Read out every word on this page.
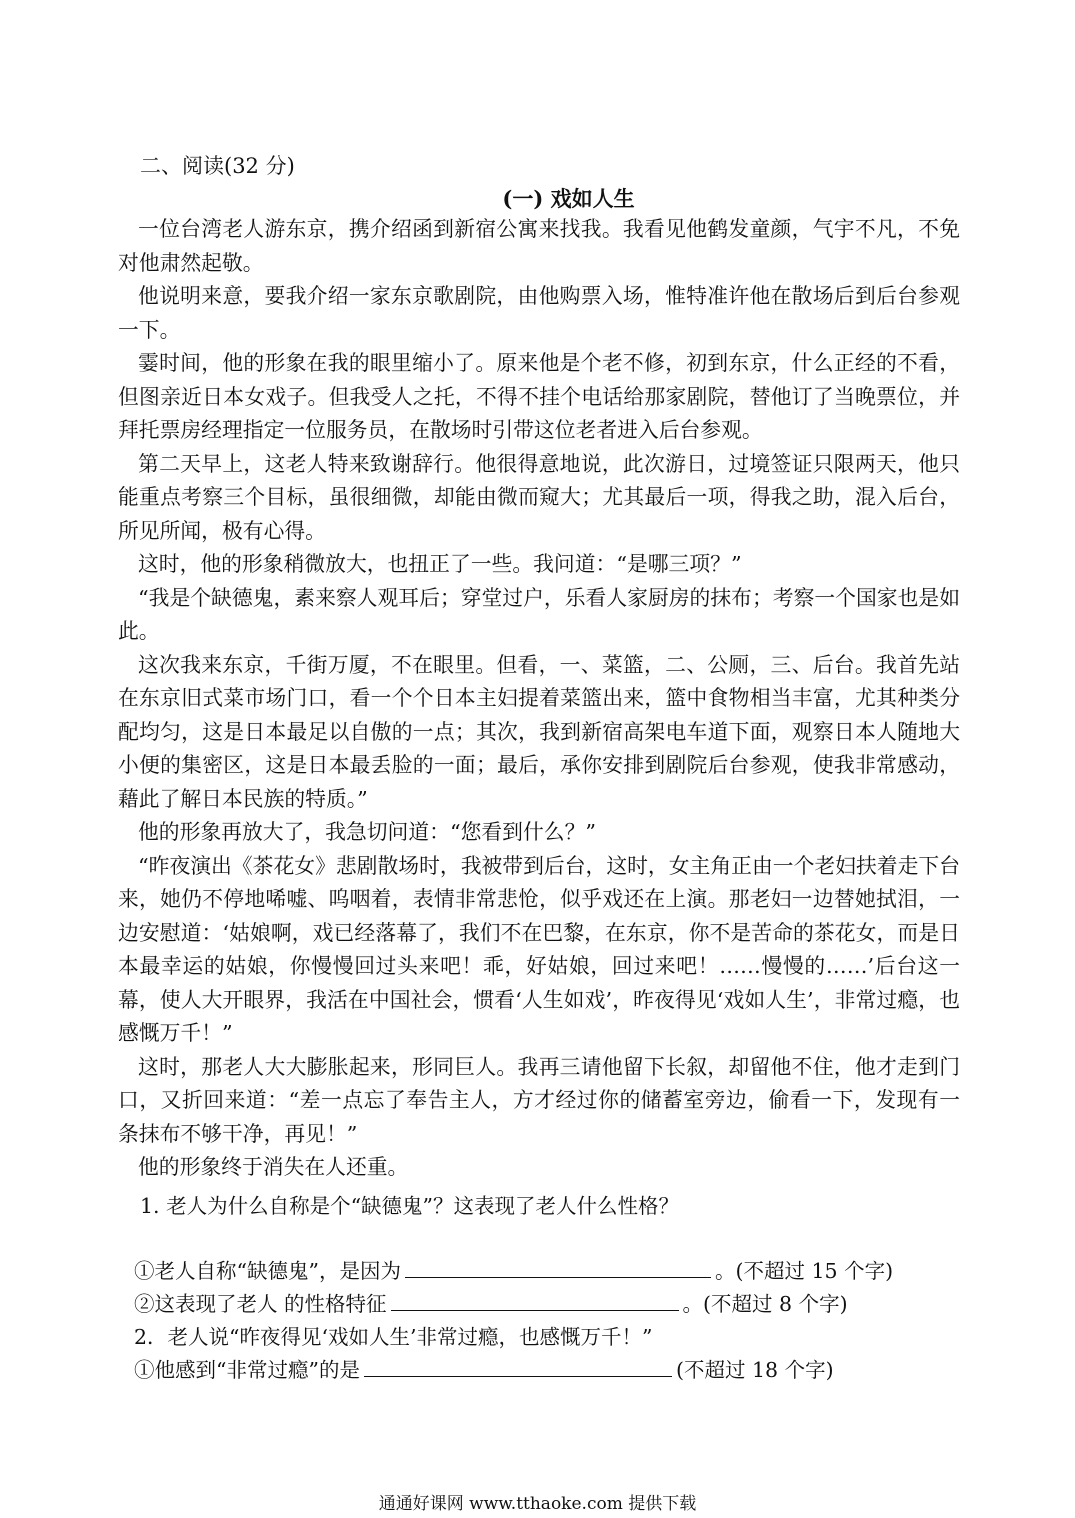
二、阅读(32 分)
(一) 戏如人生

一位台湾老人游东京，携介绍函到新宿公寓来找我。我看见他鹤发童颜，气宇不凡，不免对他肃然起敬。

他说明来意，要我介绍一家东京歌剧院，由他购票入场，惟特准许他在散场后到后台参观一下。

霎时间，他的形象在我的眼里缩小了。原来他是个老不修，初到东京，什么正经的不看，但图亲近日本女戏子。但我受人之托，不得不挂个电话给那家剧院，替他订了当晚票位，并拜托票房经理指定一位服务员，在散场时引带这位老者进入后台参观。

第二天早上，这老人特来致谢辞行。他很得意地说，此次游日，过境签证只限两天，他只能重点考察三个目标，虽很细微，却能由微而窥大；尤其最后一项，得我之助，混入后台，所见所闻，极有心得。

这时，他的形象稍微放大，也扭正了一些。我问道：“是哪三项？”

“我是个缺德鬼，素来察人观耳后；穿堂过户，乐看人家厨房的抹布；考察一个国家也是如此。

这次我来东京，千街万厦，不在眼里。但看，一、菜篮，二、公厕，三、后台。我首先站在东京旧式菜市场门口，看一个个日本主妇提着菜篮出来，篮中食物相当丰富，尤其种类分配均匀，这是日本最足以自傲的一点；其次，我到新宿高架电车道下面，观察日本人随地大小便的集密区，这是日本最丢脸的一面；最后，承你安排到剧院后台参观，使我非常感动，藉此了解日本民族的特质。”

他的形象再放大了，我急切问道：“您看到什么？”

“昨夜演出《茶花女》悲剧散场时，我被带到后台，这时，女主角正由一个老妇扶着走下台来，她仍不停地唏嘘、呜咽着，表情非常悲怆，似乎戏还在上演。那老妇一边替她拭泪，一边安慰道：‘姑娘啊，戏已经落幕了，我们不在巴黎，在东京，你不是苦命的茶花女，而是日本最幸运的姑娘，你慢慢回过头来吧！乖，好姑娘，回过来吧！……慢慢的……’后台这一幕，使人大开眼界，我活在中国社会，惯看‘人生如戏’，昨夜得见‘戏如人生’，非常过瘾，也感慨万千！”

这时，那老人大大膨胀起来，形同巨人。我再三请他留下长叙，却留他不住，他才走到门口，又折回来道：“差一点忘了奉告主人，方才经过你的储蓄室旁边，偷看一下，发现有一条抹布不够干净，再见！”

他的形象终于消失在人还重。

1. 老人为什么自称是个“缺德鬼”？这表现了老人什么性格？
①老人自称“缺德鬼”，是因为	。(不超过 15 个字)
②这表现了老人 的性格特征	。(不超过 8 个字)
2．老人说“昨夜得见‘戏如人生’非常过瘾，也感慨万千！”
①他感到“非常过瘾”的是	(不超过 18 个字)
通通好课网 www.tthaoke.com 提供下载
